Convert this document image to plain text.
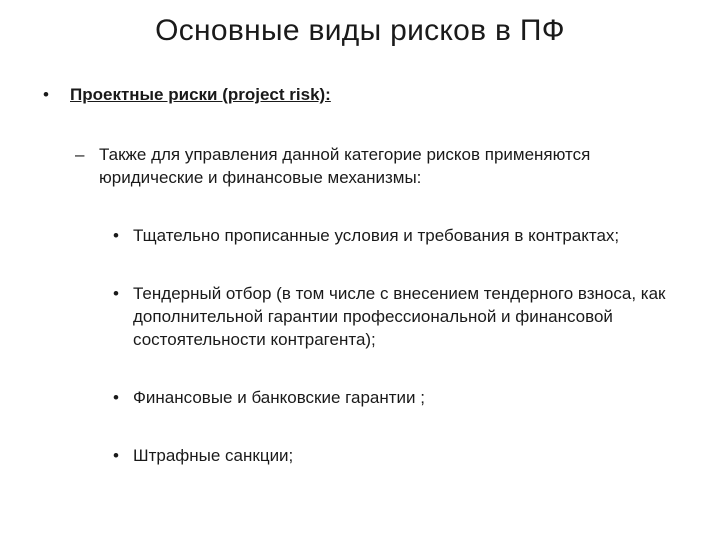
Основные виды рисков в ПФ
• Проектные риски (project risk):
– Также для управления данной категорие рисков применяются юридические и финансовые механизмы:
• Тщательно прописанные условия и требования в контрактах;
• Тендерный отбор (в том числе с внесением тендерного взноса, как дополнительной гарантии профессиональной и финансовой состоятельности контрагента);
• Финансовые и банковские гарантии ;
• Штрафные санкции;
